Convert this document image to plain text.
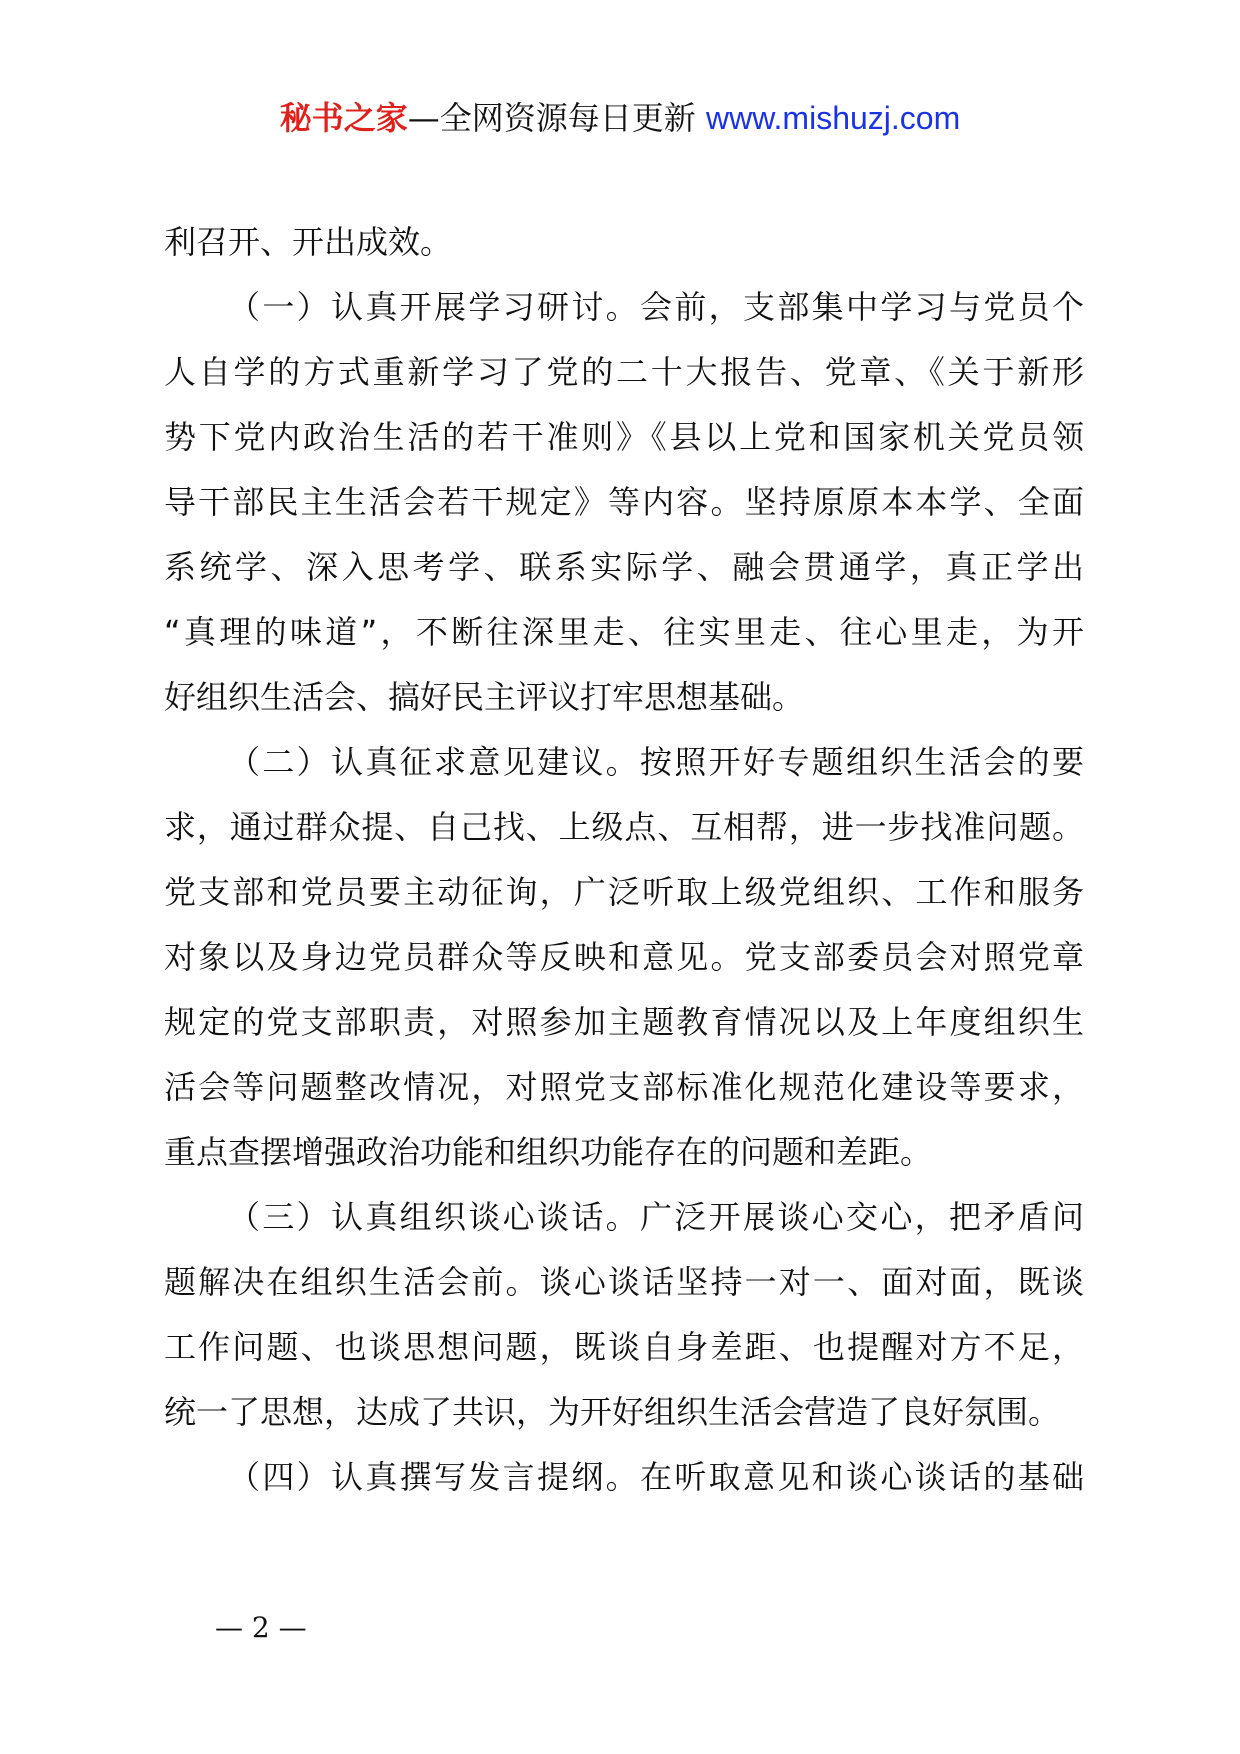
秘书之家—全网资源每日更新 www.mishuzj.com
利召开、开出成效。
（一）认真开展学习研讨。会前，支部集中学习与党员个
人自学的方式重新学习了党的二十大报告、党章、《关于新形
势下党内政治生活的若干准则》《县以上党和国家机关党员领
导干部民主生活会若干规定》等内容。坚持原原本本学、全面
系统学、深入思考学、联系实际学、融会贯通学，真正学出
“真理的味道”，不断往深里走、往实里走、往心里走，为开
好组织生活会、搞好民主评议打牢思想基础。
（二）认真征求意见建议。按照开好专题组织生活会的要
求，通过群众提、自己找、上级点、互相帮，进一步找准问题。
党支部和党员要主动征询，广泛听取上级党组织、工作和服务
对象以及身边党员群众等反映和意见。党支部委员会对照党章
规定的党支部职责，对照参加主题教育情况以及上年度组织生
活会等问题整改情况，对照党支部标准化规范化建设等要求，
重点查摆增强政治功能和组织功能存在的问题和差距。
（三）认真组织谈心谈话。广泛开展谈心交心，把矛盾问
题解决在组织生活会前。谈心谈话坚持一对一、面对面，既谈
工作问题、也谈思想问题，既谈自身差距、也提醒对方不足，
统一了思想，达成了共识，为开好组织生活会营造了良好氛围。
（四）认真撰写发言提纲。在听取意见和谈心谈话的基础
— 2 —
